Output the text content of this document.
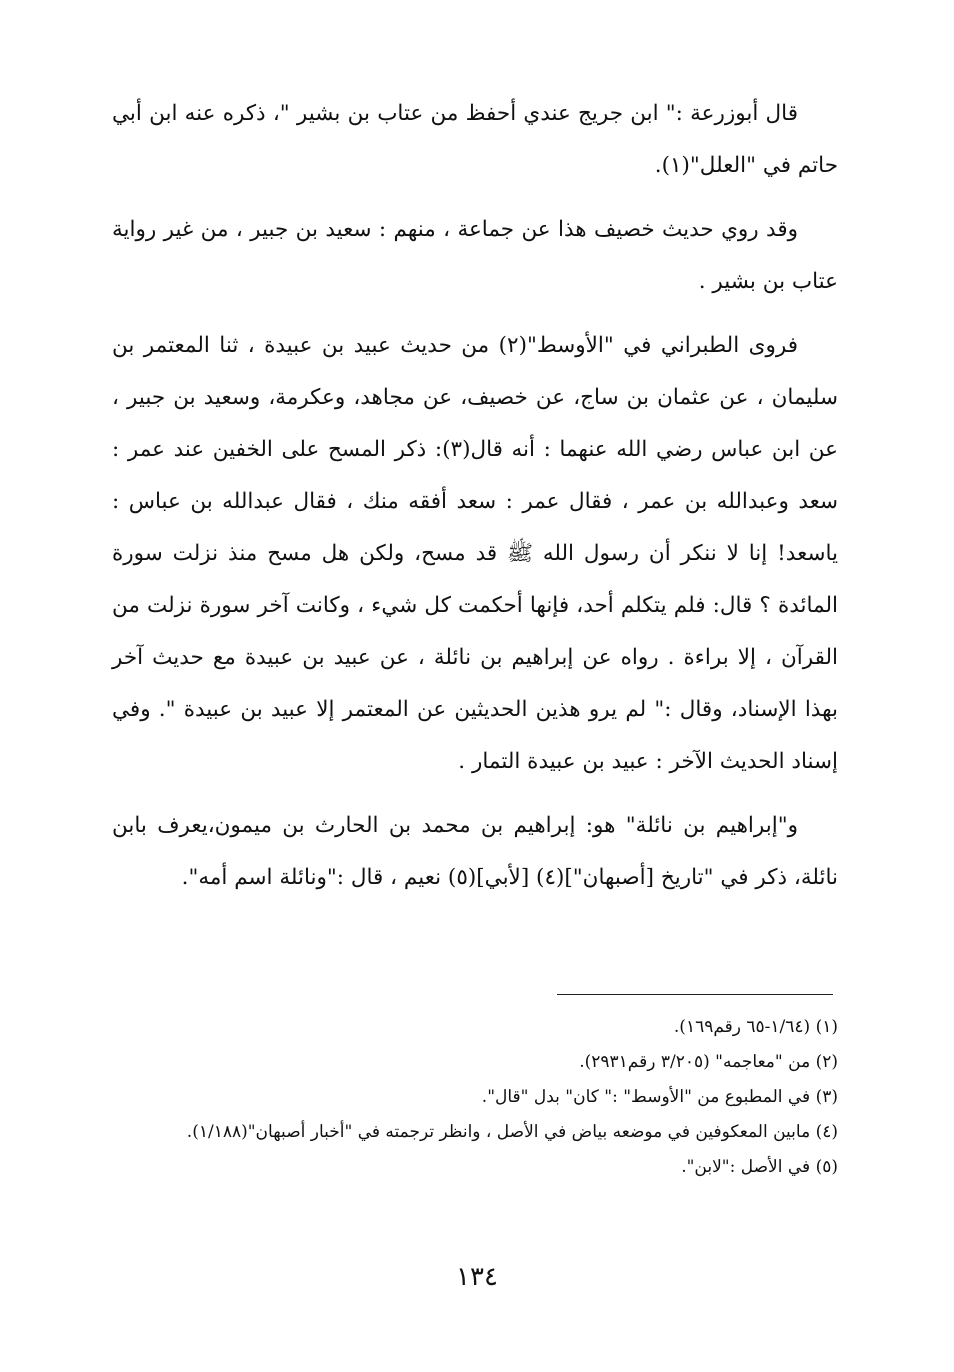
قال أبوزرعة :" ابن جريج عندي أحفظ من عتاب بن بشير "، ذكره عنه ابن أبي حاتم في "العلل"(١).

وقد روي حديث خصيف هذا عن جماعة ، منهم : سعيد بن جبير ، من غير رواية عتاب بن بشير .

فروى الطبراني في "الأوسط"(٢) من حديث عبيد بن عبيدة ، ثنا المعتمر بن سليمان ، عن عثمان بن ساج، عن خصيف، عن مجاهد، وعكرمة، وسعيد بن جبير ، عن ابن عباس رضي الله عنهما : أنه قال(٣): ذكر المسح على الخفين عند عمر : سعد وعبدالله بن عمر ، فقال عمر : سعد أفقه منك ، فقال عبدالله بن عباس : ياسعد! إنا لا ننكر أن رسول الله ﷺ قد مسح، ولكن هل مسح منذ نزلت سورة المائدة ؟ قال: فلم يتكلم أحد، فإنها أحكمت كل شيء ، وكانت آخر سورة نزلت من القرآن ، إلا براءة . رواه عن إبراهيم بن نائلة ، عن عبيد بن عبيدة مع حديث آخر بهذا الإسناد، وقال :" لم يرو هذين الحديثين عن المعتمر إلا عبيد بن عبيدة ". وفي إسناد الحديث الآخر : عبيد بن عبيدة التمار .

و"إبراهيم بن نائلة" هو: إبراهيم بن محمد بن الحارث بن ميمون،يعرف بابن نائلة، ذكر في "تاريخ [أصبهان"](٤) [لأبي](٥) نعيم ، قال :"ونائلة اسم أمه".

(١) (١/٦٤-٦٥ رقم١٦٩).
(٢) من "معاجمه" (٣/٢٠٥ رقم٢٩٣١).
(٣) في المطبوع من "الأوسط" :" كان" بدل "قال".
(٤) مابين المعكوفين في موضعه بياض في الأصل ، وانظر ترجمته في "أخبار أصبهان"(١/١٨٨).
(٥) في الأصل :"لابن".
١٣٤
